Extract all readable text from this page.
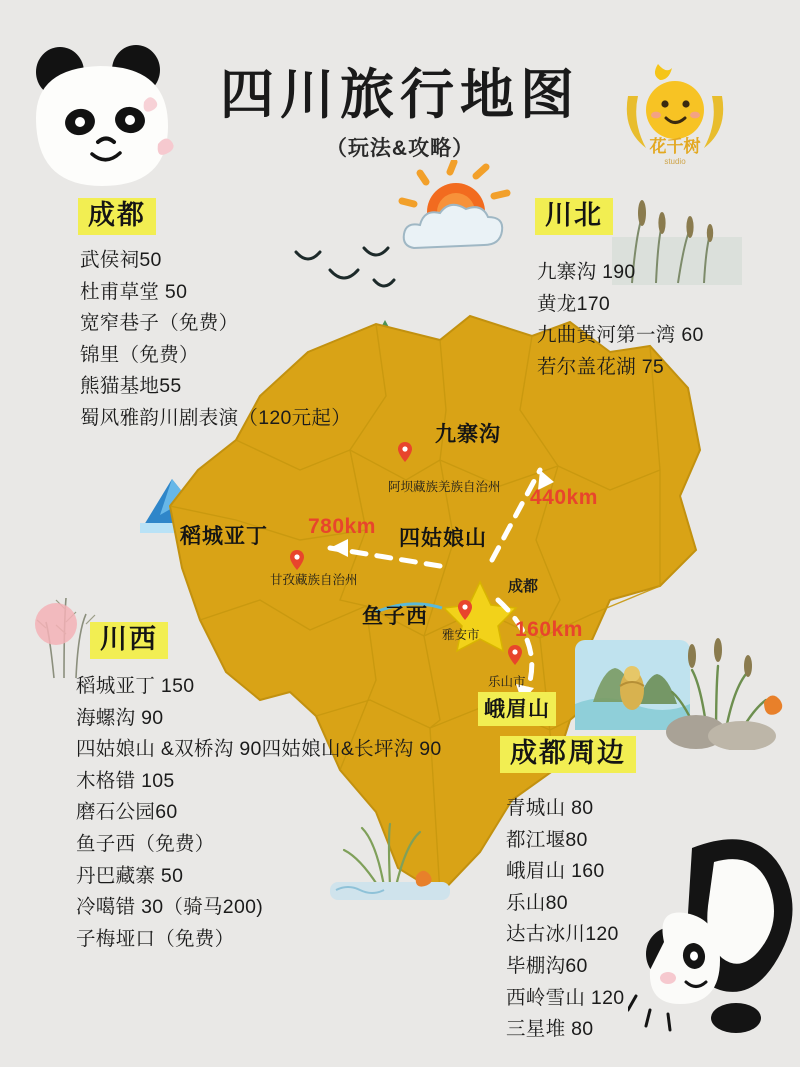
四川旅行地图
（玩法&攻略）	花千树
studio
九寨沟
阿坝藏族羌族自治州
稻城亚丁
甘孜藏族自治州
四姑娘山
鱼子西
成都
雅安市
乐山市
峨眉山
780km
440km
160km
成都
武侯祠50
杜甫草堂 50
宽窄巷子（免费）
锦里（免费）
熊猫基地55
蜀风雅韵川剧表演（120元起）
川北
九寨沟 190
黄龙170
九曲黄河第一湾 60
若尔盖花湖 75
川西
稻城亚丁 150
海螺沟 90
四姑娘山 &双桥沟 90四姑娘山&长坪沟 90
木格错 105
磨石公园60
鱼子西（免费）
丹巴藏寨 50
冷噶错 30（骑马200)
子梅垭口（免费）
成都周边
青城山 80
都江堰80
峨眉山 160
乐山80
达古冰川120
毕棚沟60
西岭雪山 120
三星堆 80
